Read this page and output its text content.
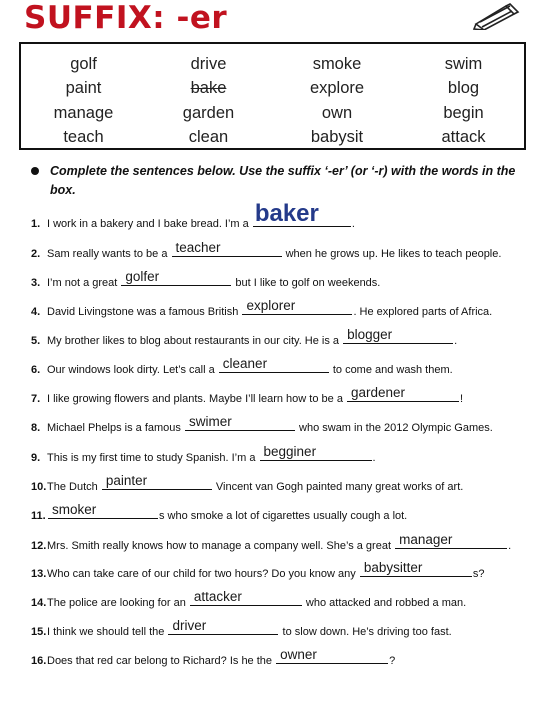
SUFFIX: -er
golf	drive	smoke	swim
paint	bake	explore	blog
manage	garden	own	begin
teach	clean	babysit	attack
Complete the sentences below. Use the suffix ‘-er’ (or ‘-r) with the words in the box.
1. I work in a bakery and I bake bread. I’m a baker	.
2. Sam really wants to be a teacher	when he grows up. He likes to teach people.
3. I’m not a great golfer	but I like to golf on weekends.
4. David Livingstone was a famous British explorer	. He explored parts of Africa.
5. My brother likes to blog about restaurants in our city. He is a blogger	.
6. Our windows look dirty. Let’s call a cleaner	to come and wash them.
7. I like growing flowers and plants. Maybe I’ll learn how to be a gardener	!
8. Michael Phelps is a famous swimer	who swam in the 2012 Olympic Games.
9. This is my first time to study Spanish. I’m a begginer	.
10.The Dutch painter	Vincent van Gogh painted many great works of art.
11. smoker	s who smoke a lot of cigarettes usually cough a lot.
12.Mrs. Smith really knows how to manage a company well. She’s a great manager	.
13.Who can take care of our child for two hours? Do you know any babysitter	s?
14.The police are looking for an attacker	who attacked and robbed a man.
15.I think we should tell the driver	to slow down. He’s driving too fast.
16.Does that red car belong to Richard? Is he the owner	?
